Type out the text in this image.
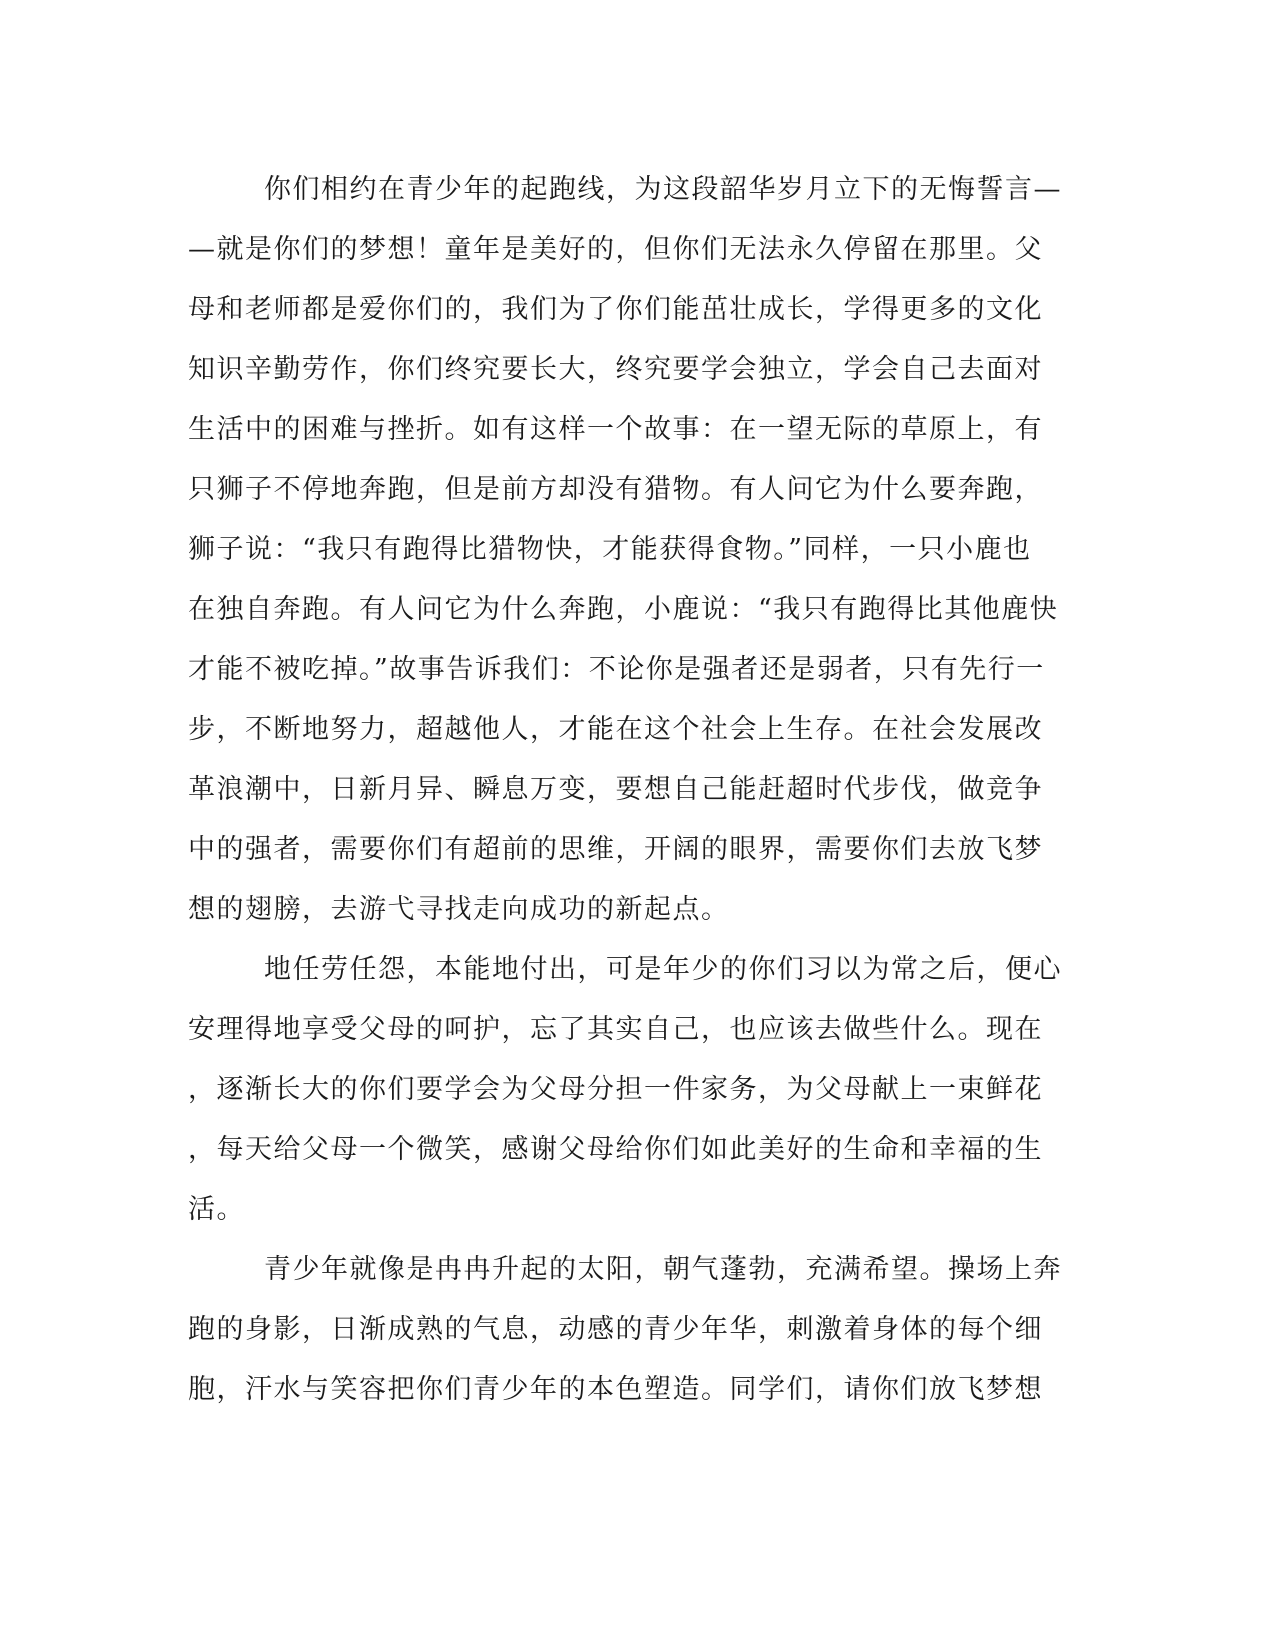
你们相约在青少年的起跑线，为这段韶华岁月立下的无悔誓言—
—就是你们的梦想！童年是美好的，但你们无法永久停留在那里。父
母和老师都是爱你们的，我们为了你们能茁壮成长，学得更多的文化
知识辛勤劳作，你们终究要长大，终究要学会独立，学会自己去面对
生活中的困难与挫折。如有这样一个故事：在一望无际的草原上，有
只狮子不停地奔跑，但是前方却没有猎物。有人问它为什么要奔跑，
狮子说：“我只有跑得比猎物快，才能获得食物。”同样，一只小鹿也
在独自奔跑。有人问它为什么奔跑，小鹿说：“我只有跑得比其他鹿快
才能不被吃掉。”故事告诉我们：不论你是强者还是弱者，只有先行一
步，不断地努力，超越他人，才能在这个社会上生存。在社会发展改
革浪潮中，日新月异、瞬息万变，要想自己能赶超时代步伐，做竞争
中的强者，需要你们有超前的思维，开阔的眼界，需要你们去放飞梦
想的翅膀，去游弋寻找走向成功的新起点。
地任劳任怨，本能地付出，可是年少的你们习以为常之后，便心
安理得地享受父母的呵护，忘了其实自己，也应该去做些什么。现在
，逐渐长大的你们要学会为父母分担一件家务，为父母献上一束鲜花
，每天给父母一个微笑，感谢父母给你们如此美好的生命和幸福的生
活。
青少年就像是冉冉升起的太阳，朝气蓬勃，充满希望。操场上奔
跑的身影，日渐成熟的气息，动感的青少年华，刺激着身体的每个细
胞，汗水与笑容把你们青少年的本色塑造。同学们，请你们放飞梦想
